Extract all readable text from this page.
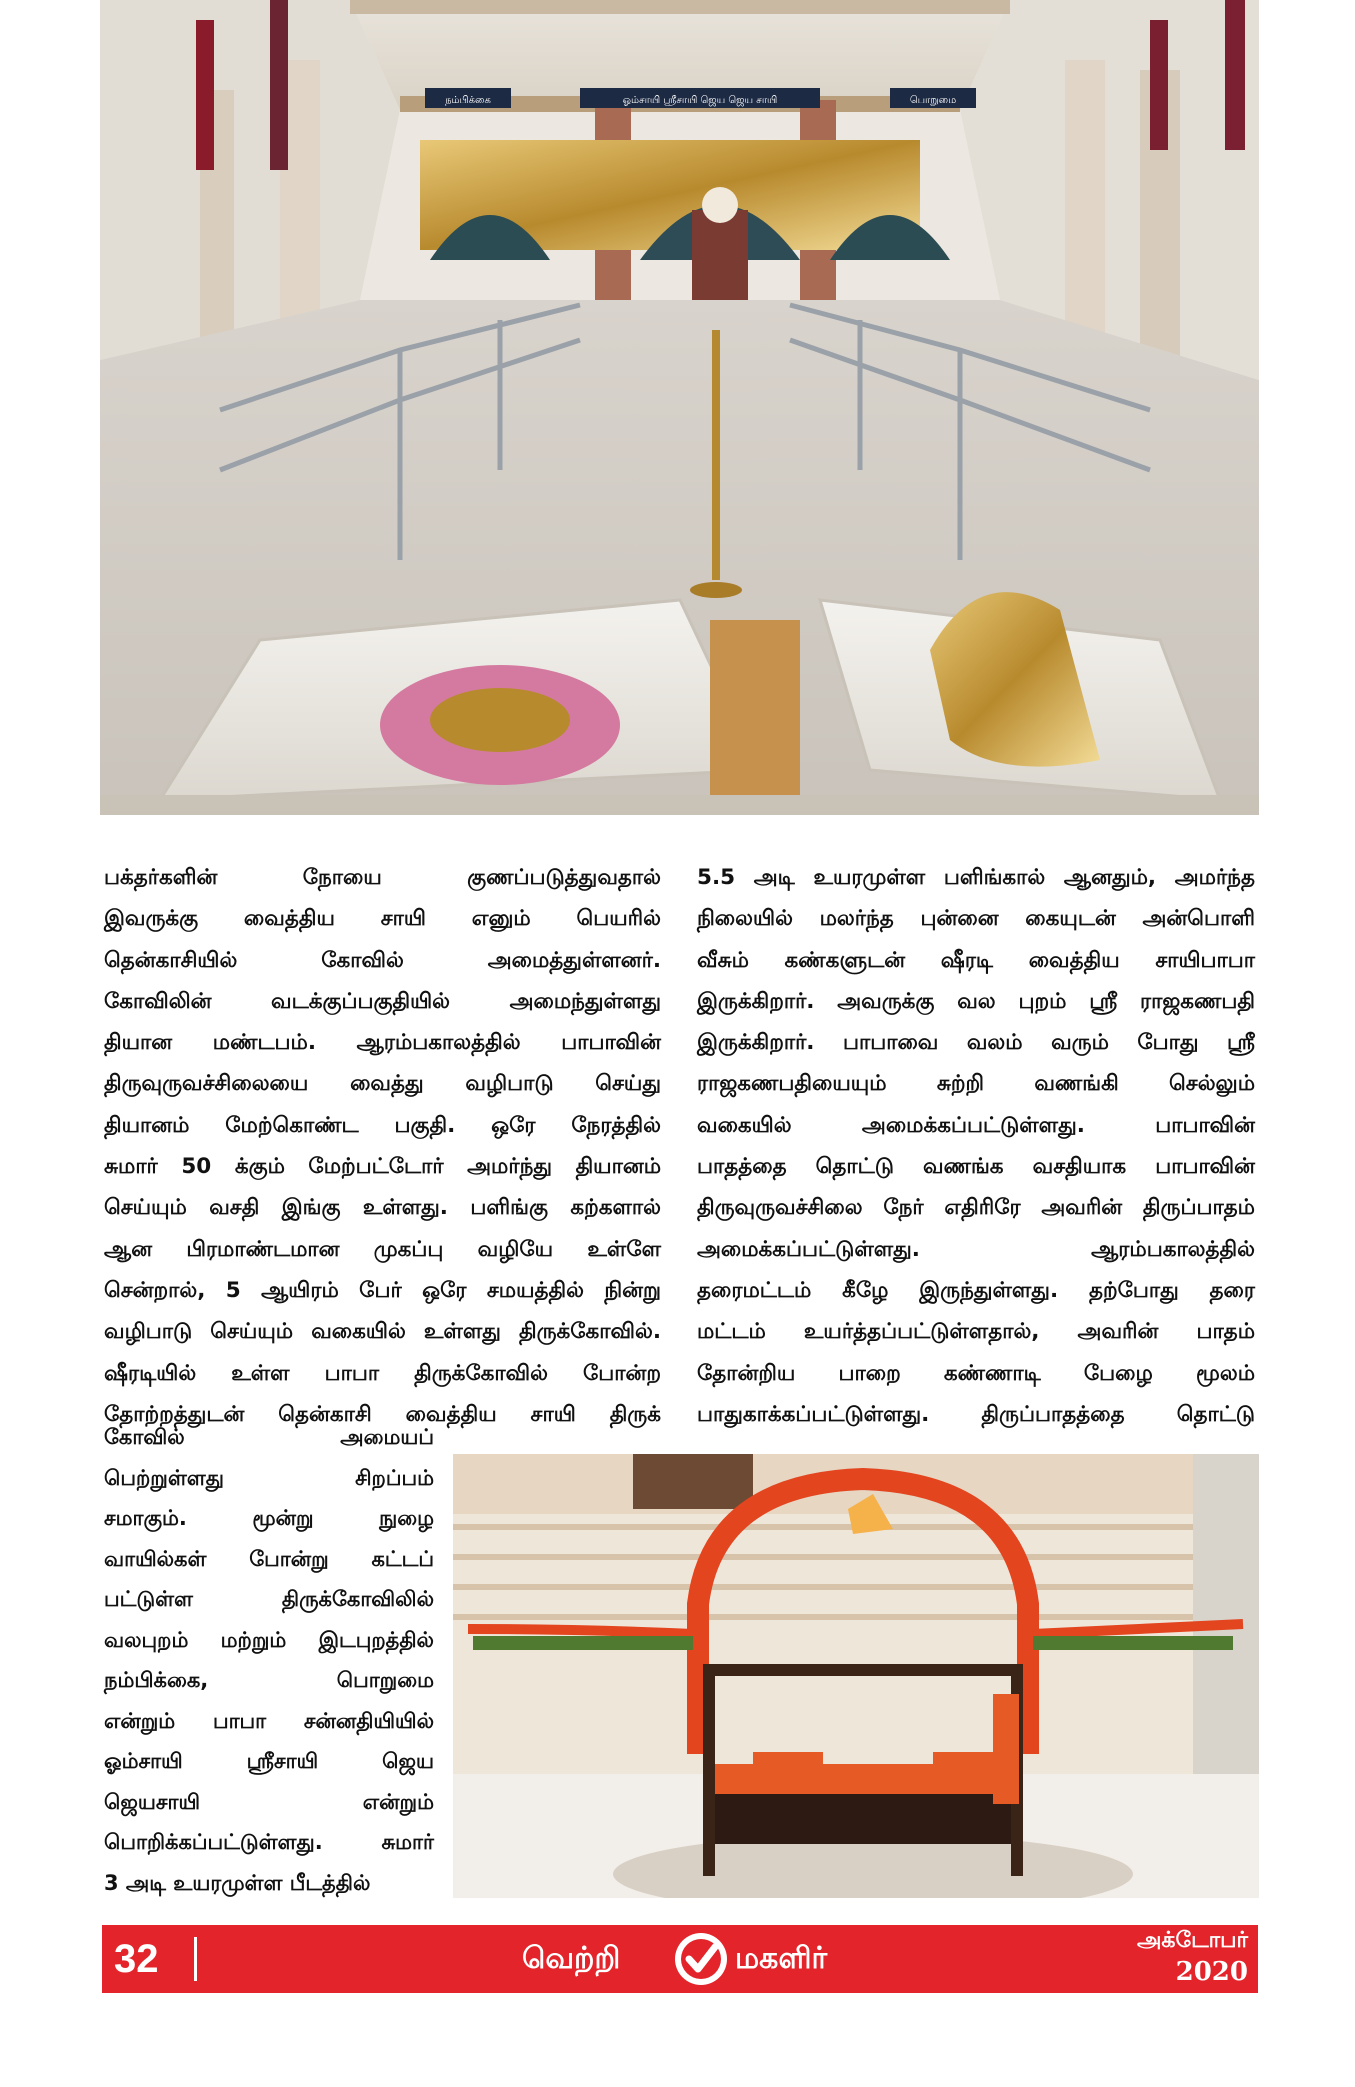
நம்பிக்கை	ஓம்சாயி ஸ்ரீசாயி ஜெய ஜெய சாயி	பொறுமை
பக்தர்களின் நோயை குணப்படுத்துவதால்
இவருக்கு வைத்திய சாயி எனும் பெயரில்
தென்காசியில் கோவில் அமைத்துள்ளனர்.
கோவிலின் வடக்குப்பகுதியில் அமைந்துள்ளது
தியான மண்டபம். ஆரம்பகாலத்தில் பாபாவின்
திருவுருவச்சிலையை வைத்து வழிபாடு செய்து
தியானம் மேற்கொண்ட பகுதி. ஒரே நேரத்தில்
சுமார் 50 க்கும் மேற்பட்டோர் அமர்ந்து தியானம்
செய்யும் வசதி இங்கு உள்ளது. பளிங்கு கற்களால்
ஆன பிரமாண்டமான முகப்பு வழியே உள்ளே
சென்றால், 5 ஆயிரம் பேர் ஒரே சமயத்தில் நின்று
வழிபாடு செய்யும் வகையில் உள்ளது திருக்கோவில்.
ஷீரடியில் உள்ள பாபா திருக்கோவில் போன்ற
தோற்றத்துடன் தென்காசி வைத்திய சாயி திருக்
கோவில் அமையப்
பெற்றுள்ளது சிறப்பம்
சமாகும். மூன்று நுழை
வாயில்கள் போன்று கட்டப்
பட்டுள்ள திருக்கோவிலில்
வலபுறம் மற்றும் இடபுறத்தில்
நம்பிக்கை, பொறுமை
என்றும் பாபா சன்னதியியில்
ஓம்சாயி ஸ்ரீசாயி ஜெய
ஜெயசாயி என்றும்
பொறிக்கப்பட்டுள்ளது. சுமார்
3 அடி உயரமுள்ள பீடத்தில்
5.5 அடி உயரமுள்ள பளிங்கால் ஆனதும், அமர்ந்த
நிலையில் மலர்ந்த புன்னை கையுடன் அன்பொளி
வீசும் கண்களுடன் ஷீரடி வைத்திய சாயிபாபா
இருக்கிறார். அவருக்கு வல புறம் ஸ்ரீ ராஜகணபதி
இருக்கிறார். பாபாவை வலம் வரும் போது ஸ்ரீ
ராஜகணபதியையும் சுற்றி வணங்கி செல்லும்
வகையில் அமைக்கப்பட்டுள்ளது. பாபாவின்
பாதத்தை தொட்டு வணங்க வசதியாக பாபாவின்
திருவுருவச்சிலை நேர் எதிரிரே அவரின் திருப்பாதம்
அமைக்கப்பட்டுள்ளது. ஆரம்பகாலத்தில்
தரைமட்டம் கீழே இருந்துள்ளது. தற்போது தரை
மட்டம் உயர்த்தப்பட்டுள்ளதால், அவரின் பாதம்
தோன்றிய பாறை கண்ணாடி பேழை மூலம்
பாதுகாக்கப்பட்டுள்ளது. திருப்பாதத்தை தொட்டு
32	வெற்றி	மகளிர்
அக்டோபர்
2020
